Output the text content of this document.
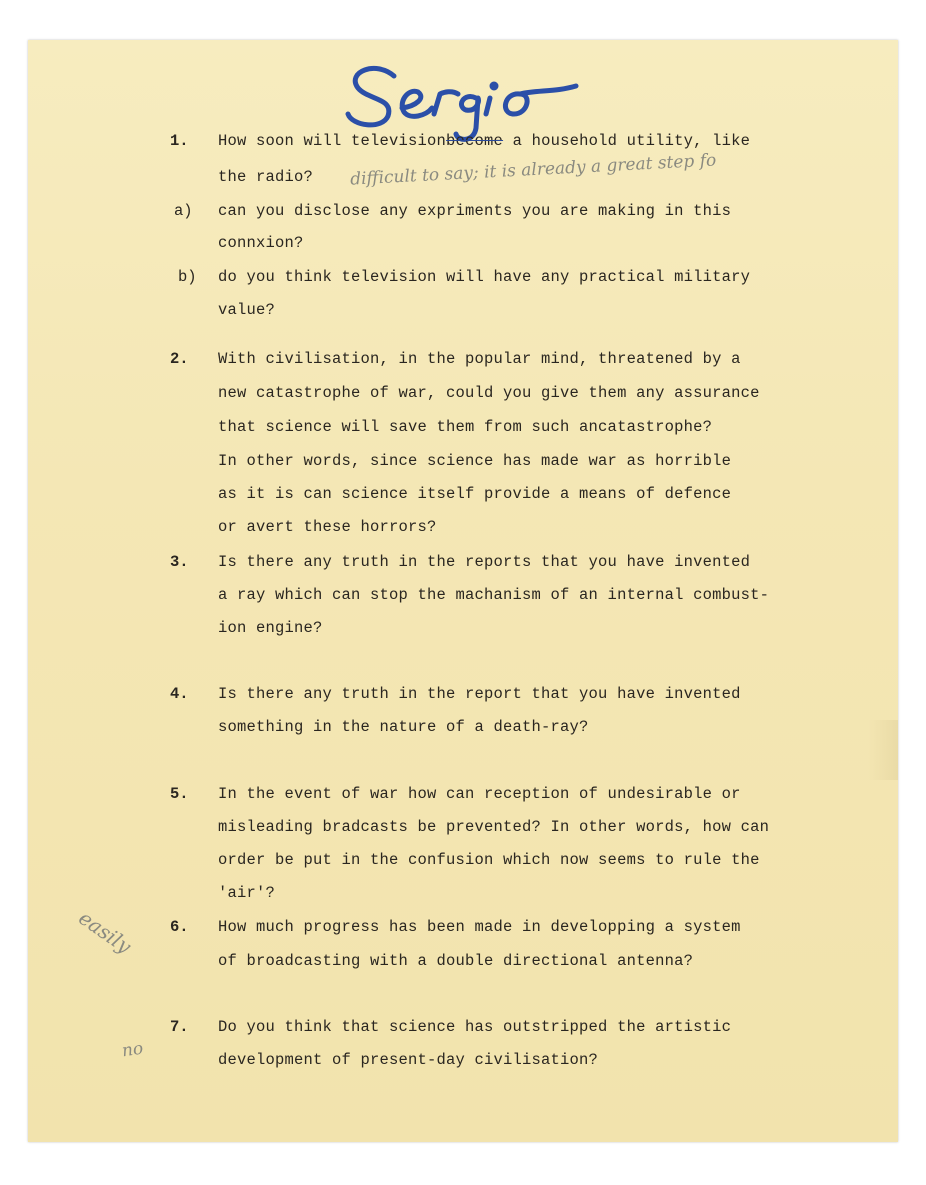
1.	How soon will televisionbecome a household utility, like
the radio? difficult to say; it is already a great step fo
a)	can you disclose any expriments you are making in this
connxion?
b)	do you think television will have any practical military
value?
2.	With civilisation, in the popular mind, threatened by a
new catastrophe of war, could you give them any assurance
that science will save them from such ancatastrophe?
In other words, since science has made war as horrible
as it is can science itself provide a means of defence
or avert these horrors?
3.	Is there any truth in the reports that you have invented
a ray which can stop the machanism of an internal combust-
ion engine?
4.	Is there any truth in the report that you have invented
something in the nature of a death-ray?
5.	In the event of war how can reception of undesirable or
misleading bradcasts be prevented? In other words, how can
order be put in the confusion which now seems to rule the
'air'?
easily 6.	How much progress has been made in developping a system
of broadcasting with a double directional antenna?
no
7.	Do you think that science has outstripped the artistic
development of present-day civilisation?
